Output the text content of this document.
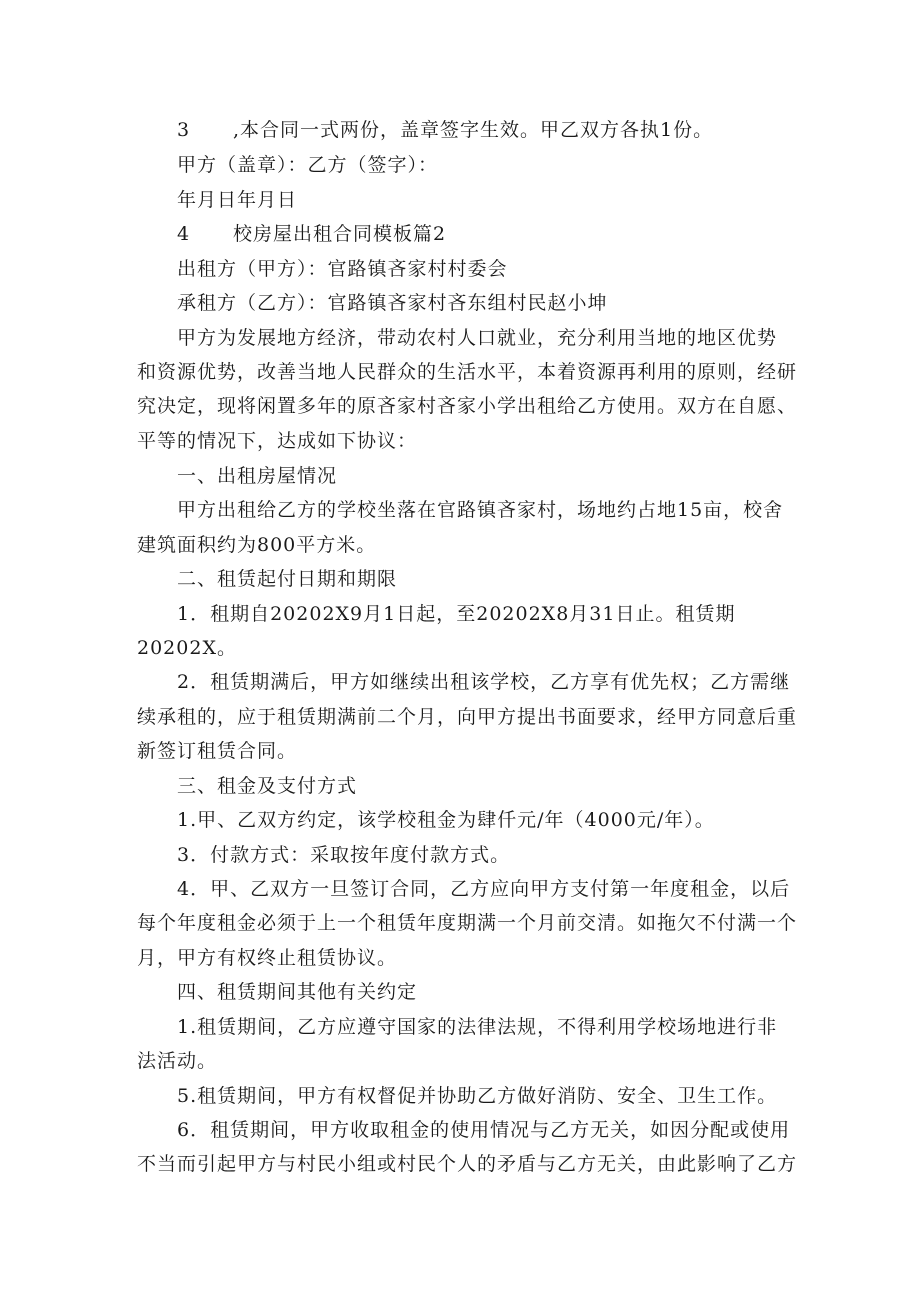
3 ,本合同一式两份，盖章签字生效。甲乙双方各执1份。
甲方（盖章）：乙方（签字）：
年月日年月日
4 校房屋出租合同模板篇2
出租方（甲方）：官路镇吝家村村委会
承租方（乙方）：官路镇吝家村吝东组村民赵小坤
甲方为发展地方经济，带动农村人口就业，充分利用当地的地区优势
和资源优势，改善当地人民群众的生活水平，本着资源再利用的原则，经研
究决定，现将闲置多年的原吝家村吝家小学出租给乙方使用。双方在自愿、
平等的情况下，达成如下协议：
一、出租房屋情况
甲方出租给乙方的学校坐落在官路镇吝家村，场地约占地15亩，校舍
建筑面积约为800平方米。
二、租赁起付日期和期限
1．租期自20202X9月1日起，至20202X8月31日止。租赁期
20202X。
2．租赁期满后，甲方如继续出租该学校，乙方享有优先权；乙方需继
续承租的，应于租赁期满前二个月，向甲方提出书面要求，经甲方同意后重
新签订租赁合同。
三、租金及支付方式
1.甲、乙双方约定，该学校租金为肆仟元/年（4000元/年）。
3．付款方式：采取按年度付款方式。
4．甲、乙双方一旦签订合同，乙方应向甲方支付第一年度租金，以后
每个年度租金必须于上一个租赁年度期满一个月前交清。如拖欠不付满一个
月，甲方有权终止租赁协议。
四、租赁期间其他有关约定
1.租赁期间，乙方应遵守国家的法律法规，不得利用学校场地进行非
法活动。
5.租赁期间，甲方有权督促并协助乙方做好消防、安全、卫生工作。
6．租赁期间，甲方收取租金的使用情况与乙方无关，如因分配或使用
不当而引起甲方与村民小组或村民个人的矛盾与乙方无关，由此影响了乙方
